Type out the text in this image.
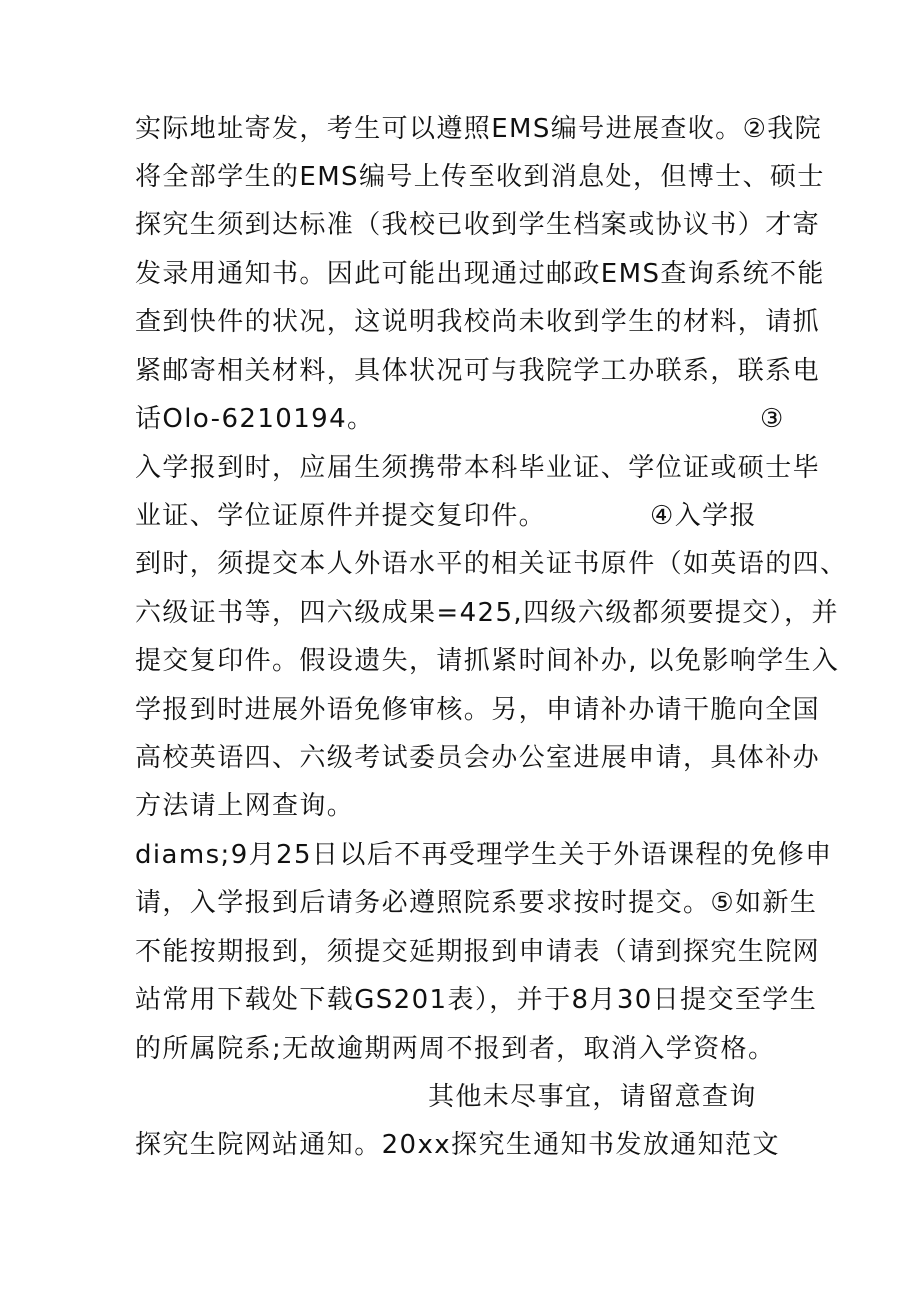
实际地址寄发，考生可以遵照EMS编号进展查收。②我院
将全部学生的EMS编号上传至收到消息处，但博士、硕士
探究生须到达标准（我校已收到学生档案或协议书）才寄
发录用通知书。因此可能出现通过邮政EMS查询系统不能
查到快件的状况，这说明我校尚未收到学生的材料，请抓
紧邮寄相关材料，具体状况可与我院学工办联系，联系电
话Olo-6210194。	③
入学报到时，应届生须携带本科毕业证、学位证或硕士毕
业证、学位证原件并提交复印件。	④入学报
到时，须提交本人外语水平的相关证书原件（如英语的四、
六级证书等，四六级成果=425,四级六级都须要提交），并
提交复印件。假设遗失，请抓紧时间补办, 以免影响学生入
学报到时进展外语免修审核。另，申请补办请干脆向全国
高校英语四、六级考试委员会办公室进展申请，具体补办
方法请上网查询。
diams;9月25日以后不再受理学生关于外语课程的免修申
请，入学报到后请务必遵照院系要求按时提交。⑤如新生
不能按期报到，须提交延期报到申请表（请到探究生院网
站常用下载处下载GS201表），并于8月30日提交至学生
的所属院系;无故逾期两周不报到者，取消入学资格。
其他未尽事宜，请留意查询
探究生院网站通知。20xx探究生通知书发放通知范文
